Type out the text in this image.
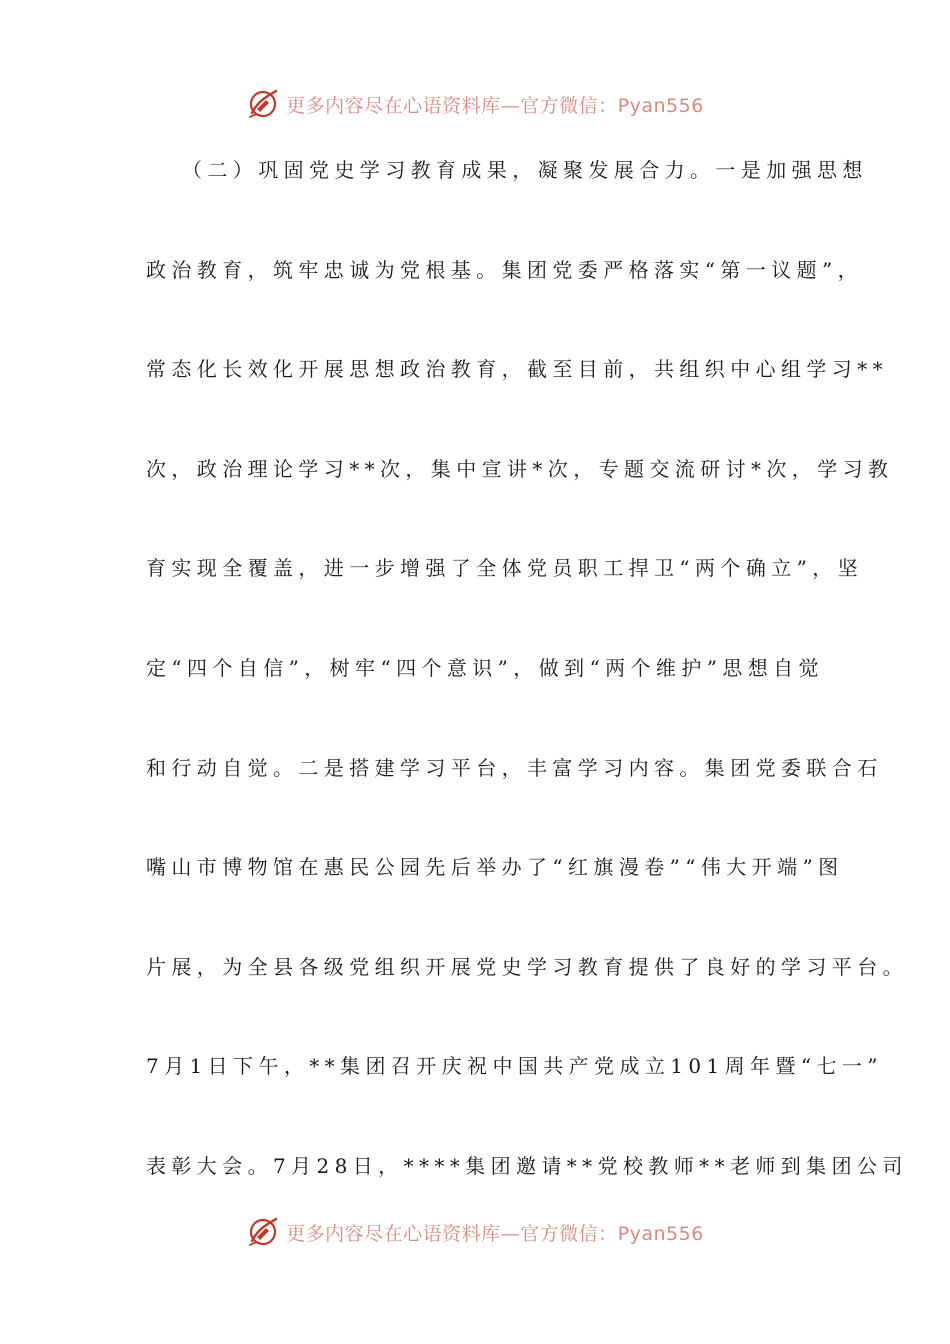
更多内容尽在心语资料库—官方微信：Pyan556
（二）巩固党史学习教育成果，凝聚发展合力。一是加强思想
政治教育，筑牢忠诚为党根基。集团党委严格落实“第一议题”，
常态化长效化开展思想政治教育，截至目前，共组织中心组学习**
次，政治理论学习**次，集中宣讲*次，专题交流研讨*次，学习教
育实现全覆盖，进一步增强了全体党员职工捍卫“两个确立”，坚
定“四个自信”，树牢“四个意识”，做到“两个维护”思想自觉
和行动自觉。二是搭建学习平台，丰富学习内容。集团党委联合石
嘴山市博物馆在惠民公园先后举办了“红旗漫卷”“伟大开端”图
片展，为全县各级党组织开展党史学习教育提供了良好的学习平台。
7月1日下午，**集团召开庆祝中国共产党成立101周年暨“七一”
表彰大会。7月28日，****集团邀请**党校教师**老师到集团公司
更多内容尽在心语资料库—官方微信：Pyan556
